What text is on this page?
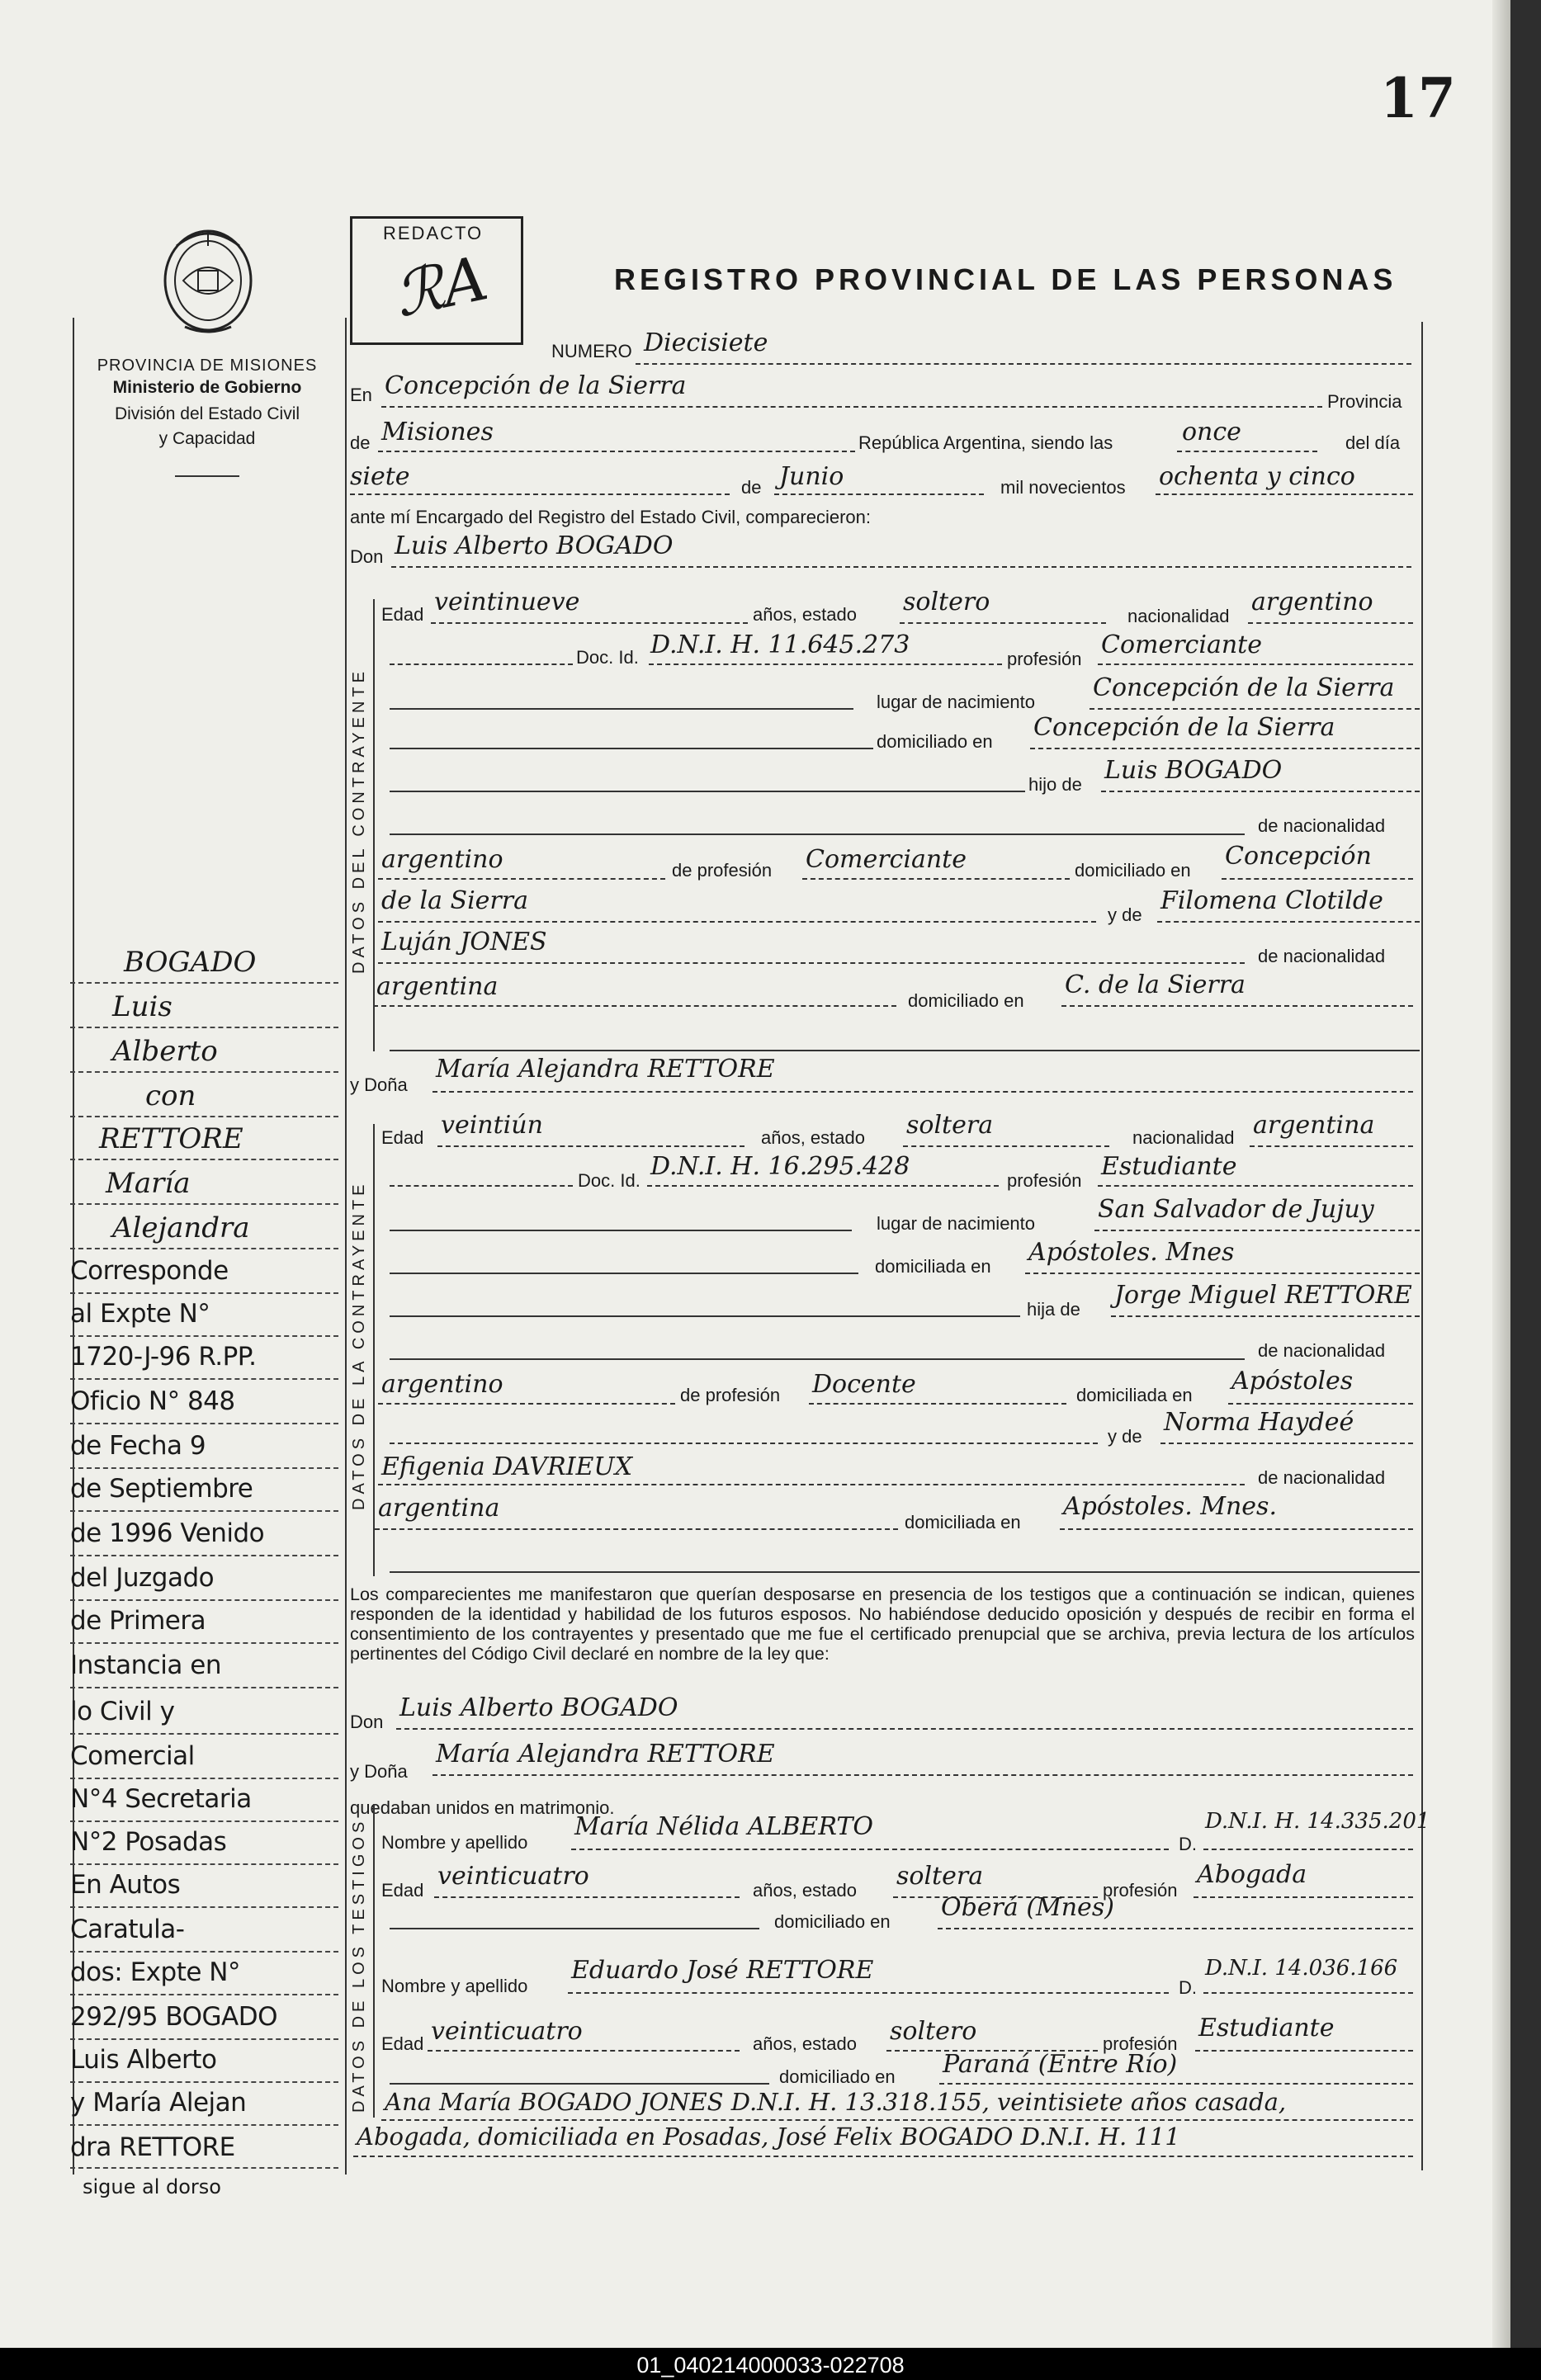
17
PROVINCIA DE MISIONES
Ministerio de Gobierno
División del Estado Civil
y Capacidad
REDACTO
ℛA	REGISTRO PROVINCIAL DE LAS PERSONAS
NUMERO Diecisiete
En Concepción de la Sierra
Provincia
de Misiones	República Argentina, siendo las	once	del día
siete	de Junio	mil novecientos ochenta y cinco
ante mí Encargado del Registro del Estado Civil, comparecieron:
Don Luis Alberto BOGADO
DATOS DEL CONTRAYENTE
Edad veintinueve	años, estado soltero	nacionalidad argentino
Doc. Id. D.N.I. H. 11.645.273	profesión Comerciante
lugar de nacimiento Concepción de la Sierra
domiciliado en Concepción de la Sierra
hijo de Luis BOGADO
de nacionalidad
argentino	de profesión Comerciante	domiciliado en Concepción
de la Sierra	y de Filomena Clotilde
Luján JONES	de nacionalidad
argentina	domiciliado en
C. de la Sierra
y Doña
María Alejandra RETTORE
DATOS DE LA CONTRAYENTE
Edad veintiún	años, estado soltera	nacionalidad argentina
Doc. Id. D.N.I. H. 16.295.428	profesión Estudiante
lugar de nacimiento	San Salvador de Jujuy
domiciliada en Apóstoles. Mnes
hija de Jorge Miguel RETTORE
de nacionalidad
argentino	de profesión Docente	domiciliada en Apóstoles
y de Norma Haydeé
Efigenia DAVRIEUX	de nacionalidad
argentina	domiciliada en
Apóstoles. Mnes.
Los comparecientes me manifestaron que querían desposarse en presencia de los testigos que a continuación se indican, quienes responden de la identidad y habilidad de los futuros esposos. No habiéndose deducido oposición y después de recibir en forma el consentimiento de los contrayentes y presentado que me fue el certificado prenupcial que se archiva, previa lectura de los artículos pertinentes del Código Civil declaré en nombre de la ley que:
Don Luis Alberto BOGADO
y Doña
María Alejandra RETTORE
quedaban unidos en matrimonio.
DATOS DE LOS TESTIGOS Nombre y apellido
María Nélida ALBERTO
D.
D.N.I. H. 14.335.201
Edad veinticuatro	años, estado soltera	profesión
Abogada
domiciliado en Oberá (Mnes)
Nombre y apellido
Eduardo José RETTORE
D.
D.N.I. 14.036.166
Edad veinticuatro	años, estado soltero	profesión
Estudiante
domiciliado en Paraná (Entre Río)
Ana María BOGADO JONES D.N.I. H. 13.318.155, veintisiete años casada,
Abogada, domiciliada en Posadas, José Felix BOGADO D.N.I. H. 111
BOGADO
Luis
Alberto
con
RETTORE
María
Alejandra
Corresponde
al Expte N°
1720-J-96 R.PP.
Oficio N° 848
de Fecha 9
de Septiembre
de 1996 Venido
del Juzgado
de Primera
Instancia en
lo Civil y
Comercial
N°4 Secretaria
N°2 Posadas
En Autos
Caratula-
dos: Expte N°
292/95 BOGADO
Luis Alberto
y María Alejan
dra RETTORE
sigue al dorso
01_040214000033-022708
